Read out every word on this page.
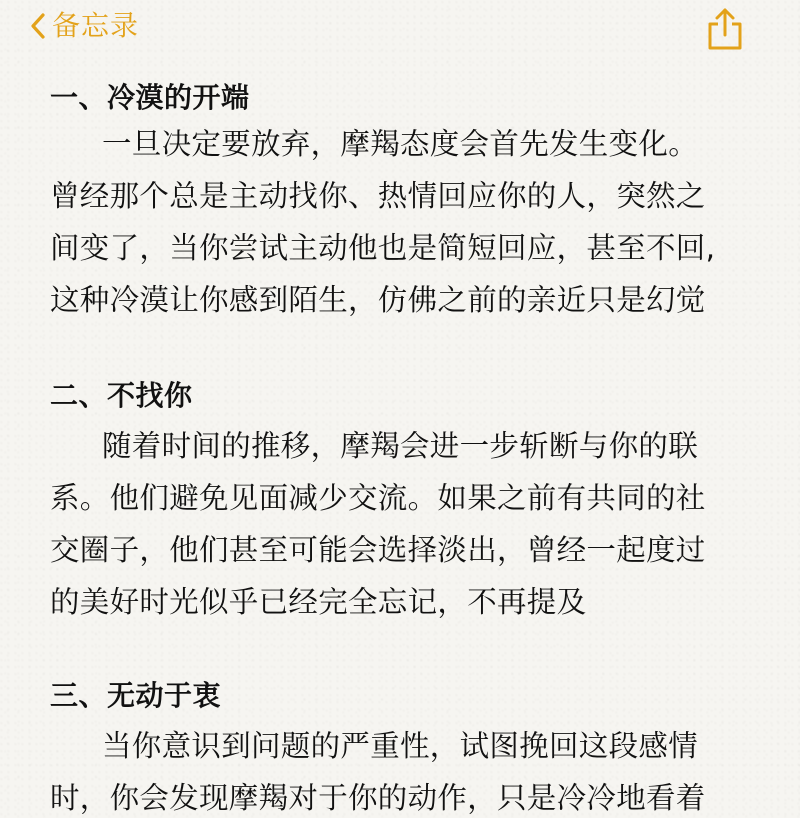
备忘录
一、冷漠的开端
一旦决定要放弃，摩羯态度会首先发生变化。
曾经那个总是主动找你、热情回应你的人，突然之
间变了，当你尝试主动他也是简短回应，甚至不回,
这种冷漠让你感到陌生，仿佛之前的亲近只是幻觉
二、不找你
随着时间的推移，摩羯会进一步斩断与你的联
系。他们避免见面减少交流。如果之前有共同的社
交圈子，他们甚至可能会选择淡出，曾经一起度过
的美好时光似乎已经完全忘记，不再提及
三、无动于衷
当你意识到问题的严重性，试图挽回这段感情
时，你会发现摩羯对于你的动作，只是冷冷地看着
